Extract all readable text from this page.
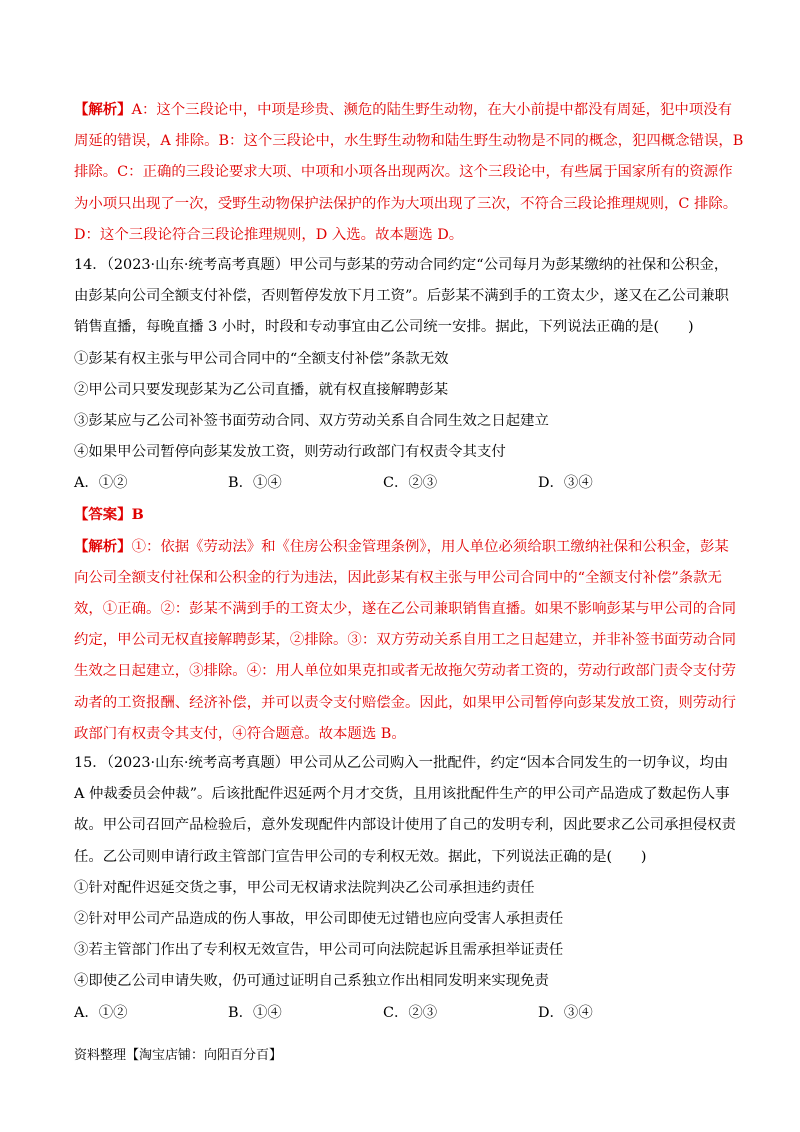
【解析】A：这个三段论中，中项是珍贵、濒危的陆生野生动物，在大小前提中都没有周延，犯中项没有
周延的错误，A 排除。B：这个三段论中，水生野生动物和陆生野生动物是不同的概念，犯四概念错误，B
排除。C：正确的三段论要求大项、中项和小项各出现两次。这个三段论中，有些属于国家所有的资源作
为小项只出现了一次，受野生动物保护法保护的作为大项出现了三次，不符合三段论推理规则，C 排除。
D：这个三段论符合三段论推理规则，D 入选。故本题选 D。
14．（2023·山东·统考高考真题）甲公司与彭某的劳动合同约定“公司每月为彭某缴纳的社保和公积金，
由彭某向公司全额支付补偿，否则暂停发放下月工资”。后彭某不满到手的工资太少，遂又在乙公司兼职
销售直播，每晚直播 3 小时，时段和专动事宜由乙公司统一安排。据此，下列说法正确的是(　　)
①彭某有权主张与甲公司合同中的“全额支付补偿”条款无效
②甲公司只要发现彭某为乙公司直播，就有权直接解聘彭某
③彭某应与乙公司补签书面劳动合同、双方劳动关系自合同生效之日起建立
④如果甲公司暂停向彭某发放工资，则劳动行政部门有权责令其支付
A．①②	B．①④	C．②③	D．③④
【答案】B
【解析】①：依据《劳动法》和《住房公积金管理条例》，用人单位必须给职工缴纳社保和公积金，彭某
向公司全额支付社保和公积金的行为违法，因此彭某有权主张与甲公司合同中的“全额支付补偿”条款无
效，①正确。②：彭某不满到手的工资太少，遂在乙公司兼职销售直播。如果不影响彭某与甲公司的合同
约定，甲公司无权直接解聘彭某，②排除。③：双方劳动关系自用工之日起建立，并非补签书面劳动合同
生效之日起建立，③排除。④：用人单位如果克扣或者无故拖欠劳动者工资的，劳动行政部门责令支付劳
动者的工资报酬、经济补偿，并可以责令支付赔偿金。因此，如果甲公司暂停向彭某发放工资，则劳动行
政部门有权责令其支付，④符合题意。故本题选 B。
15．（2023·山东·统考高考真题）甲公司从乙公司购入一批配件，约定“因本合同发生的一切争议，均由
A 仲裁委员会仲裁”。后该批配件迟延两个月才交货，且用该批配件生产的甲公司产品造成了数起伤人事
故。甲公司召回产品检验后，意外发现配件内部设计使用了自己的发明专利，因此要求乙公司承担侵权责
任。乙公司则申请行政主管部门宣告甲公司的专利权无效。据此，下列说法正确的是(　　)
①针对配件迟延交货之事，甲公司无权请求法院判决乙公司承担违约责任
②针对甲公司产品造成的伤人事故，甲公司即使无过错也应向受害人承担责任
③若主管部门作出了专利权无效宣告，甲公司可向法院起诉且需承担举证责任
④即使乙公司申请失败，仍可通过证明自己系独立作出相同发明来实现免责
A．①②	B．①④	C．②③	D．③④
资料整理【淘宝店铺：向阳百分百】
